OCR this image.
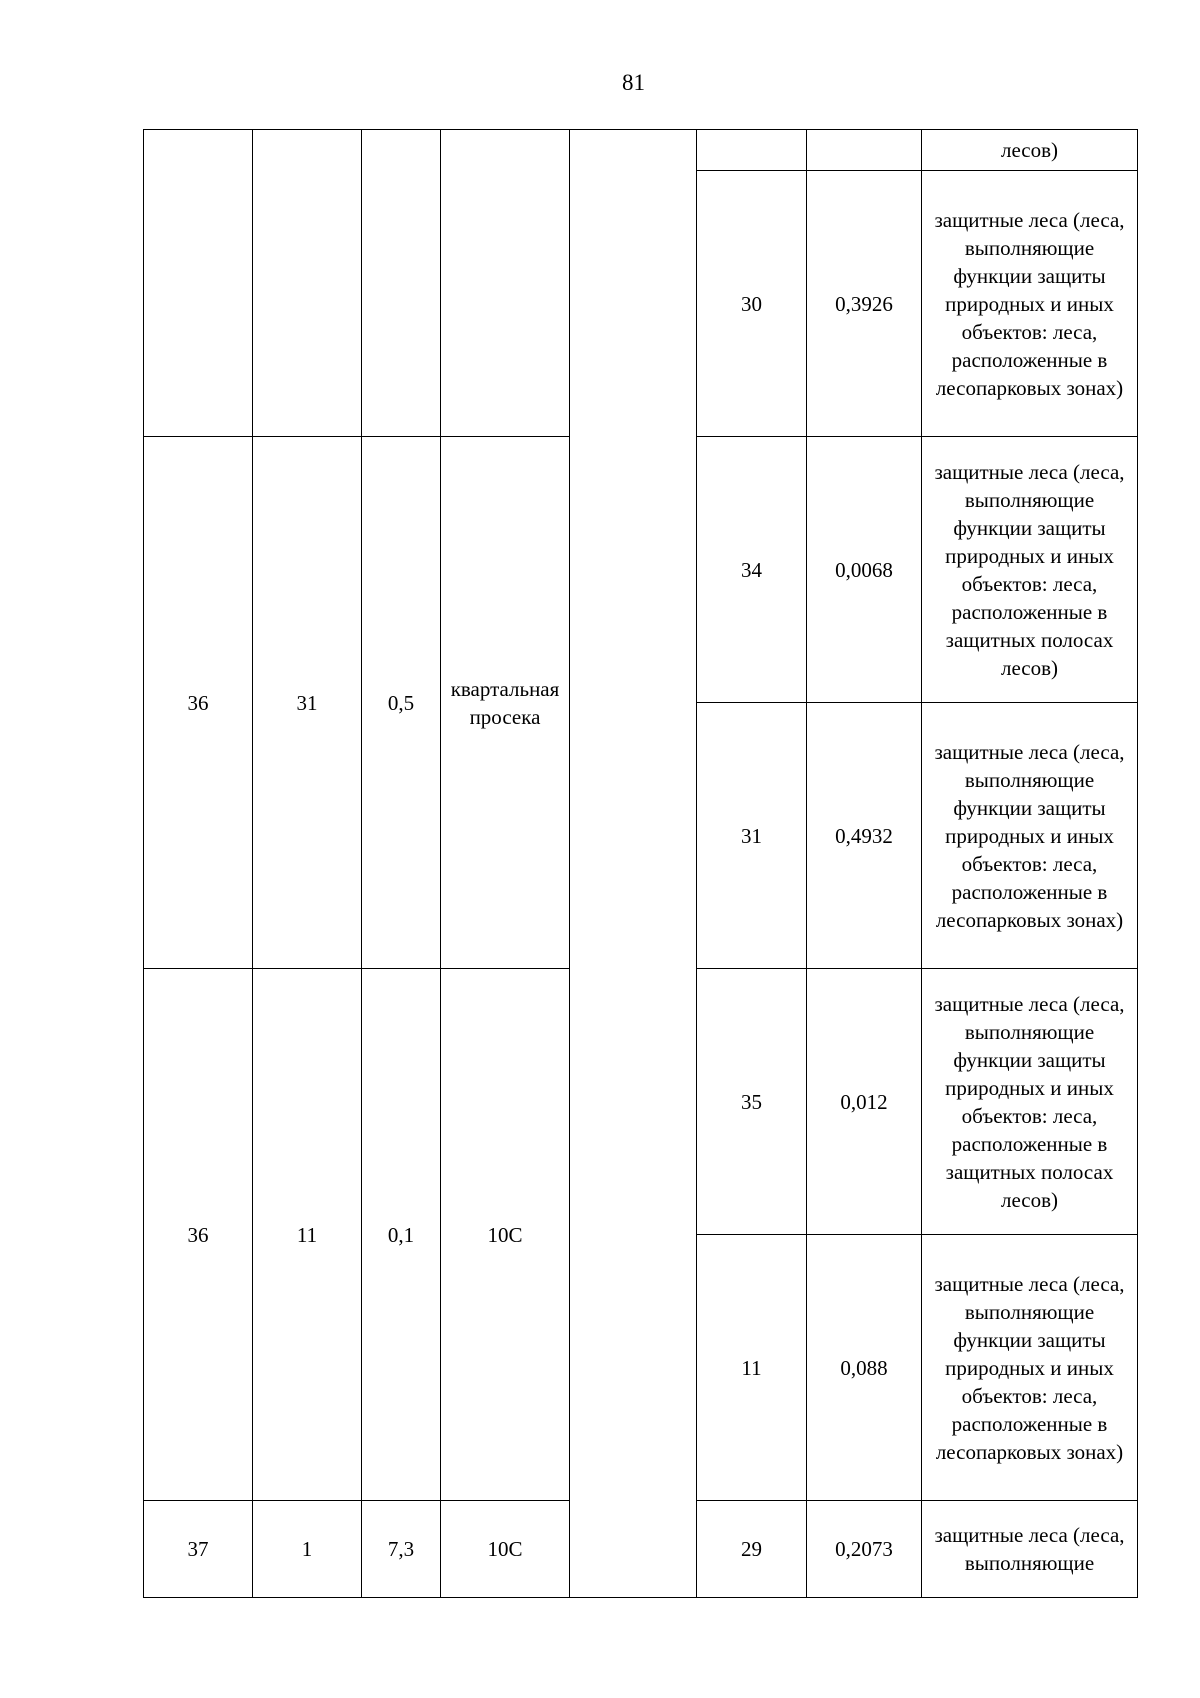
81
							лесов)
					30	0,3926	защитные леса (леса, выполняющие функции защиты природных и иных объектов: леса, расположенные в лесопарковых зонах)
36	31	0,5	квартальная просека		34	0,0068	защитные леса (леса, выполняющие функции защиты природных и иных объектов: леса, расположенные в защитных полосах лесов)
					31	0,4932	защитные леса (леса, выполняющие функции защиты природных и иных объектов: леса, расположенные в лесопарковых зонах)
36	11	0,1	10С		35	0,012	защитные леса (леса, выполняющие функции защиты природных и иных объектов: леса, расположенные в защитных полосах лесов)
					11	0,088	защитные леса (леса, выполняющие функции защиты природных и иных объектов: леса, расположенные в лесопарковых зонах)
37	1	7,3	10С		29	0,2073	защитные леса (леса, выполняющие
